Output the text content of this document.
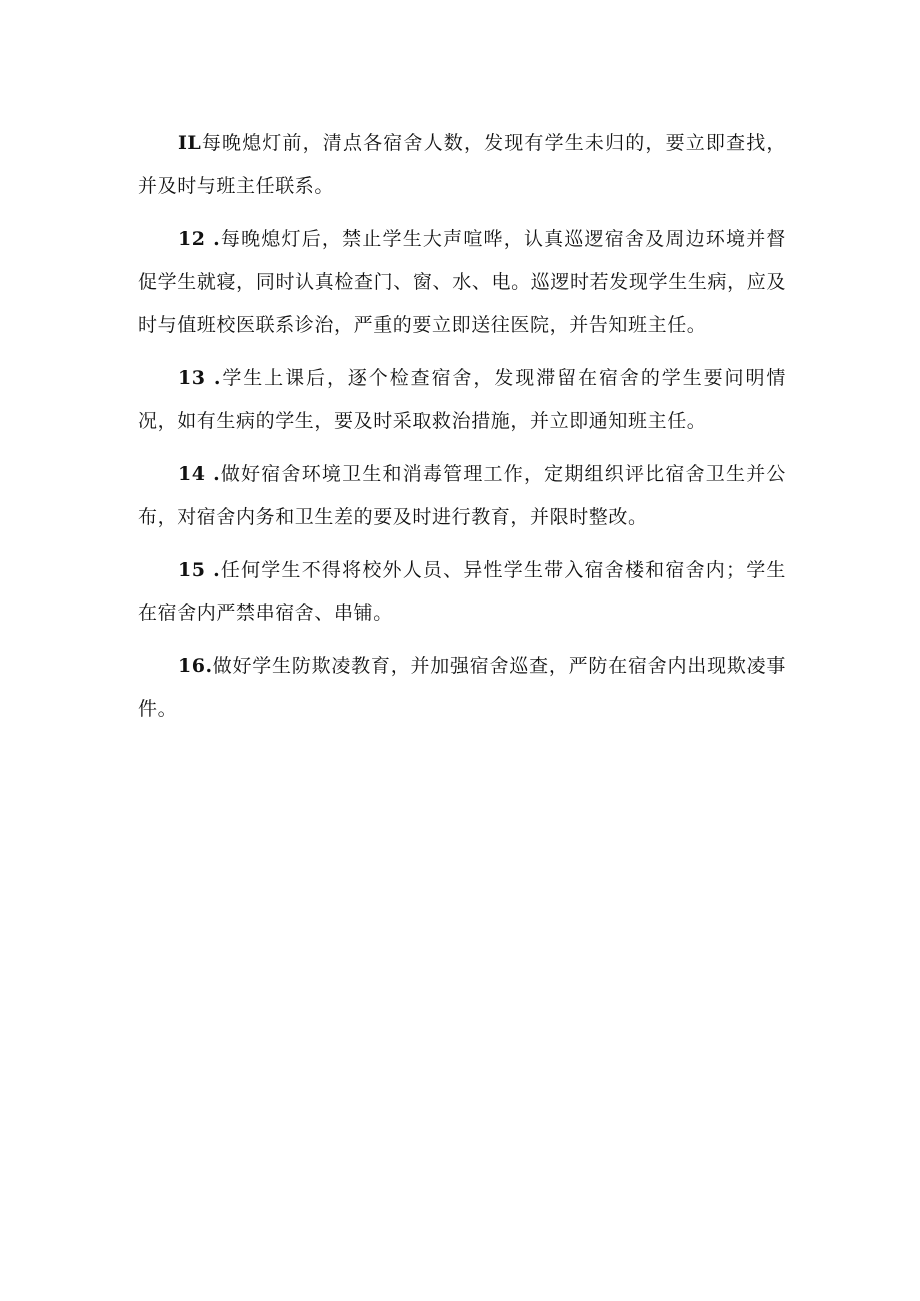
IL每晚熄灯前，清点各宿舍人数，发现有学生未归的，要立即查找，并及时与班主任联系。

12 .每晚熄灯后，禁止学生大声喧哗，认真巡逻宿舍及周边环境并督促学生就寝，同时认真检查门、窗、水、电。巡逻时若发现学生生病，应及时与值班校医联系诊治，严重的要立即送往医院，并告知班主任。

13 .学生上课后，逐个检查宿舍，发现滞留在宿舍的学生要问明情况，如有生病的学生，要及时采取救治措施，并立即通知班主任。

14 .做好宿舍环境卫生和消毒管理工作，定期组织评比宿舍卫生并公布，对宿舍内务和卫生差的要及时进行教育，并限时整改。

15 .任何学生不得将校外人员、异性学生带入宿舍楼和宿舍内；学生在宿舍内严禁串宿舍、串铺。

16.做好学生防欺凌教育，并加强宿舍巡查，严防在宿舍内出现欺凌事件。
